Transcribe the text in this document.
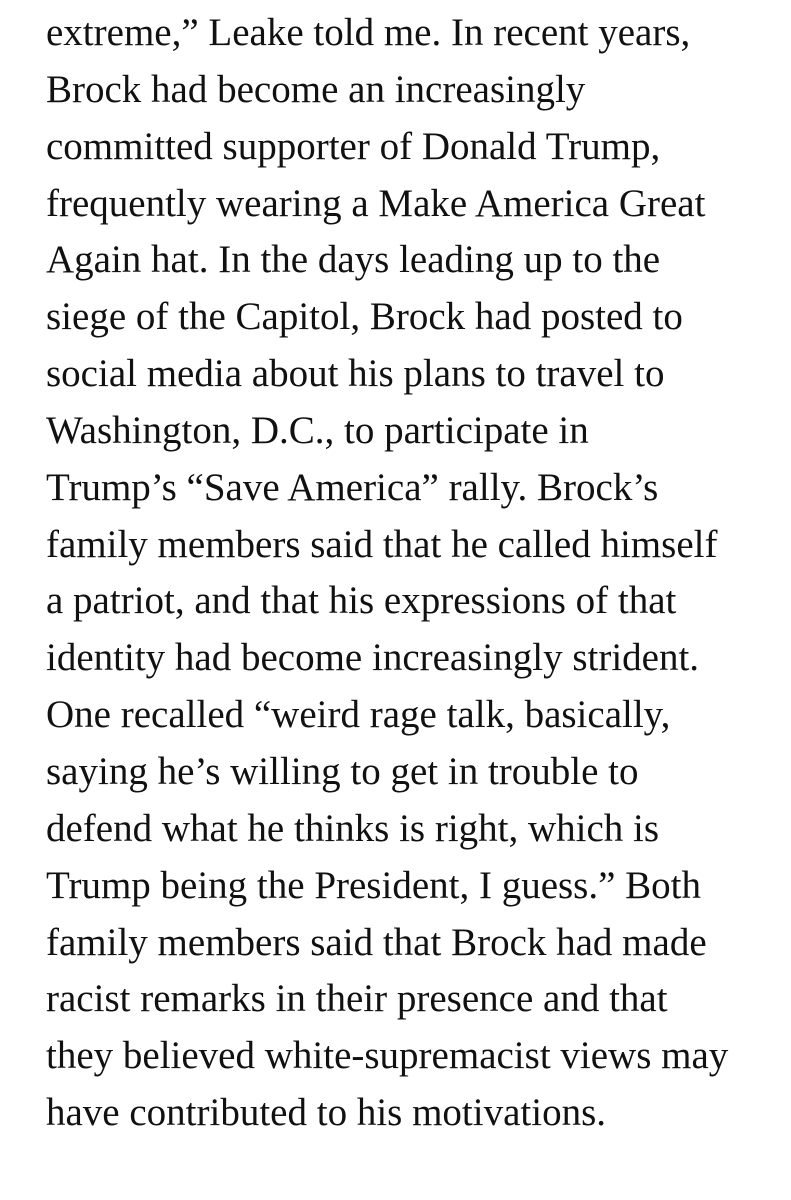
extreme,” Leake told me. In recent years,
Brock had become an increasingly
committed supporter of Donald Trump,
frequently wearing a Make America Great
Again hat. In the days leading up to the
siege of the Capitol, Brock had posted to
social media about his plans to travel to
Washington, D.C., to participate in
Trump’s “Save America” rally. Brock’s
family members said that he called himself
a patriot, and that his expressions of that
identity had become increasingly strident.
One recalled “weird rage talk, basically,
saying he’s willing to get in trouble to
defend what he thinks is right, which is
Trump being the President, I guess.” Both
family members said that Brock had made
racist remarks in their presence and that
they believed white-supremacist views may
have contributed to his motivations.
